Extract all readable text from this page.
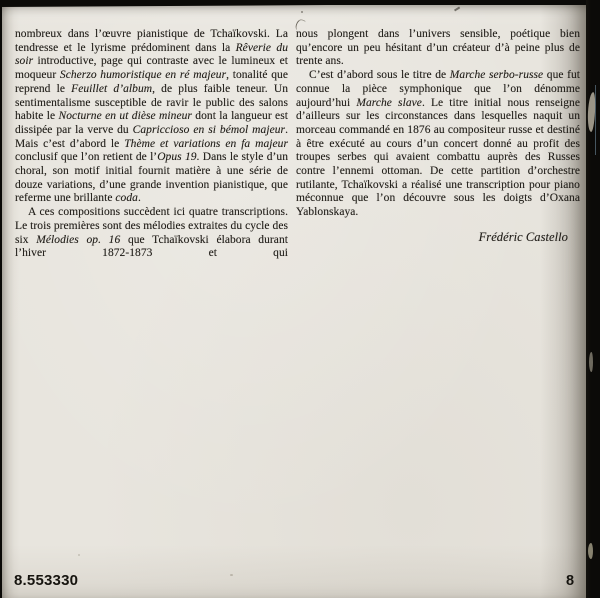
nombreux dans l’œuvre pianistique de Tchaïkovski. La tendresse et le lyrisme prédominent dans la Rêverie du soir introductive, page qui contraste avec le lumineux et moqueur Scherzo humoristique en ré majeur, tonalité que reprend le Feuillet d’album, de plus faible teneur. Un sentimentalisme susceptible de ravir le public des salons habite le Nocturne en ut dièse mineur dont la langueur est dissipée par la verve du Capriccioso en si bémol majeur. Mais c’est d’abord le Thème et variations en fa majeur conclusif que l’on retient de l’Opus 19. Dans le style d’un choral, son motif initial fournit matière à une série de douze variations, d’une grande invention pianistique, que referme une brillante coda.

A ces compositions succèdent ici quatre transcriptions. Le trois premières sont des mélodies extraites du cycle des six Mélodies op. 16 que Tchaïkovski élabora durant l’hiver 1872-1873 et qui

nous plongent dans l’univers sensible, poétique bien qu’encore un peu hésitant d’un créateur d’à peine plus de trente ans.

C’est d’abord sous le titre de Marche serbo-russe que fut connue la pièce symphonique que l’on dénomme aujourd’hui Marche slave. Le titre initial nous renseigne d’ailleurs sur les circonstances dans lesquelles naquit un morceau commandé en 1876 au compositeur russe et destiné à être exécuté au cours d’un concert donné au profit des troupes serbes qui avaient combattu auprès des Russes contre l’ennemi ottoman. De cette partition d’orchestre rutilante, Tchaïkovski a réalisé une transcription pour piano méconnue que l’on découvre sous les doigts d’Oxana Yablonskaya.

Frédéric Castello
8.553330	8
